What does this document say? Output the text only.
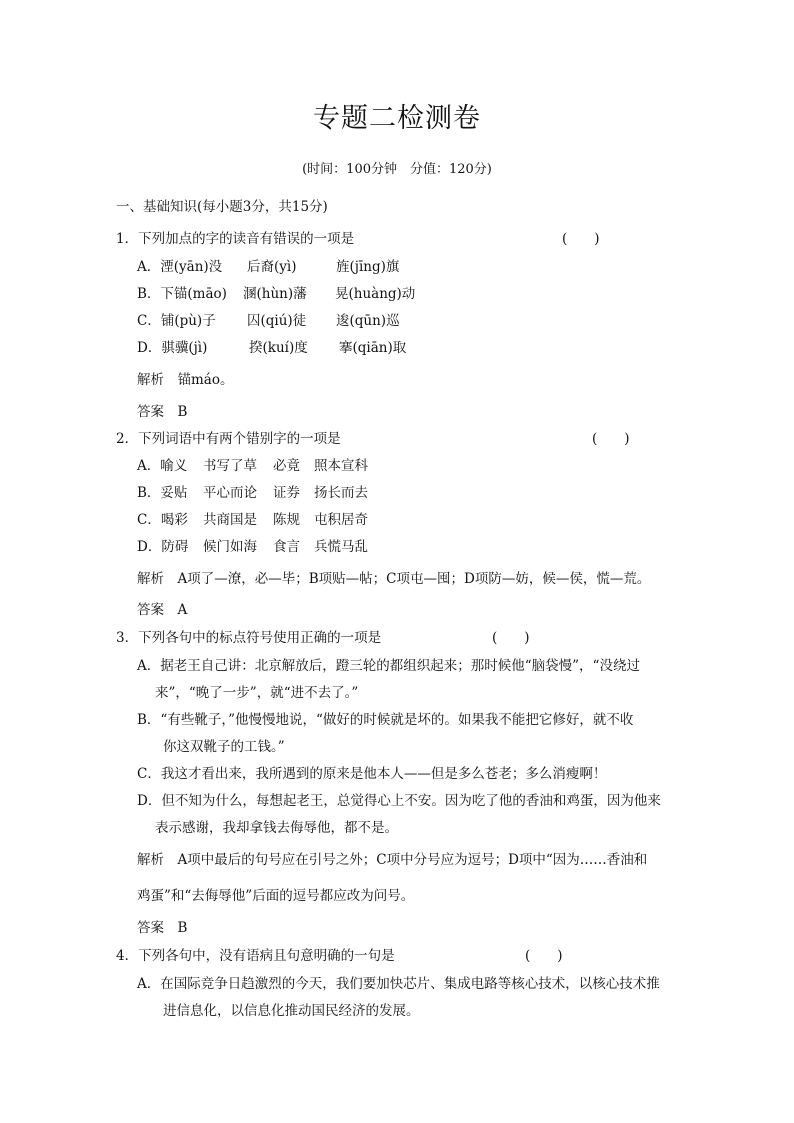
专题二检测卷
(时间：100分钟　分值：120分)
一、基础知识(每小题3分，共15分)
1．下列加点的字的读音有错误的一项是	(　　)
A．湮(yān)没 后裔(yì)	旌(jīng)旗
B．下锚(māo) 溷(hùn)藩 晃(huàng)动
C．铺(pù)子 囚(qiú)徒 逡(qūn)巡
D．骐骥(jì)	揆(kuí)度 搴(qiān)取
解析　锚máo。
答案　B
2．下列词语中有两个错别字的一项是	(　　)
A．喻义 书写了草 必竟 照本宣科
B．妥贴 平心而论 证券 扬长而去
C．喝彩 共商国是 陈规 屯积居奇
D．防碍 候门如海 食言 兵慌马乱
解析　A项了—潦，必—毕；B项贴—帖；C项屯—囤；D项防—妨，候—侯，慌—荒。
答案　A
3．下列各句中的标点符号使用正确的一项是	(　　)
A．据老王自己讲：北京解放后，蹬三轮的都组织起来；那时候他“脑袋慢”，“没绕过
来”，“晚了一步”，就“进不去了。”
B．“有些靴子，”他慢慢地说，“做好的时候就是坏的。如果我不能把它修好，就不收
你这双靴子的工钱。”
C．我这才看出来，我所遇到的原来是他本人——但是多么苍老；多么消瘦啊！
D．但不知为什么，每想起老王，总觉得心上不安。因为吃了他的香油和鸡蛋，因为他来
表示感谢，我却拿钱去侮辱他，都不是。
解析　A项中最后的句号应在引号之外；C项中分号应为逗号；D项中“因为……香油和
鸡蛋”和“去侮辱他”后面的逗号都应改为问号。
答案　B
4．下列各句中，没有语病且句意明确的一句是	(　　)
A．在国际竞争日趋激烈的今天，我们要加快芯片、集成电路等核心技术，以核心技术推
进信息化，以信息化推动国民经济的发展。
